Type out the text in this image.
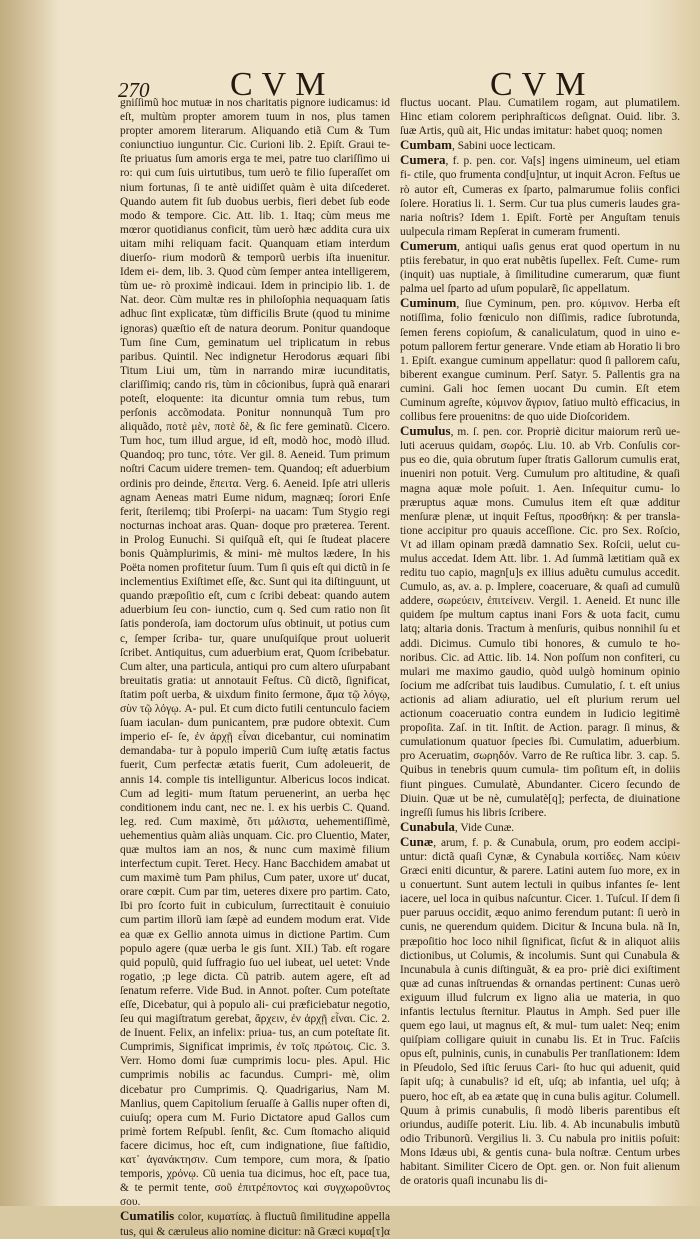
270 CVM	CVM

gniſſimũ hoc mutuæ in nos charitatis pignore iudicamus: id eſt, multùm propter amorem tuum in nos, plus tamen propter amorem literarum. Aliquando etiã Cum & Tum coniunctiuo iunguntur. Cic. Curioni lib. 2. Epiſt. Graui te- ſte priuatus ſum amoris erga te mei, patre tuo clariſſimo ui ro: qui cum ſuis uirtutibus, tum uerò te filio ſuperaſſet om nium fortunas, ſi te antè uidiſſet quàm è uita diſcederet. Quando autem fit ſub duobus uerbis, fieri debet ſub eode modo & tempore. Cic. Att. lib. 1. Itaq; cùm meus me mœror quotidianus conficit, tùm uerò hæc addita cura uix uitam mihi reliquam facit. Quanquam etiam interdum diuerſo- rium modorũ & temporũ uerbis iſta inuenitur. Idem ei- dem, lib. 3. Quod cùm ſemper antea intelligerem, tùm ue- rò proximè indicaui. Idem in principio lib. 1. de Nat. deor. Cùm multæ res in philoſophia nequaquam ſatis adhuc ſint explicatæ, tùm difficilis Brute (quod tu minime ignoras) quæſtio eſt de natura deorum. Ponitur quandoque Tum ſine Cum, geminatum uel triplicatum in rebus paribus. Quintil. Nec indignetur Herodorus æquari ſibi Titum Liui um, tùm in narrando miræ iucunditatis, clariſſimiq; cando ris, tùm in côcionibus, ſuprà quã enarari poteſt, eloquente: ita dicuntur omnia tum rebus, tum perſonis accõmodata. Ponitur nonnunquã Tum pro aliquãdo, ποτὲ μὲν, ποτὲ δὲ, & ſic fere geminatũ. Cicero. Tum hoc, tum illud argue, id eſt, modò hoc, modò illud. Quandoq; pro tunc, τότε. Ver gil. 8. Aeneid. Tum primum noſtri Cacum uidere tremen- tem. Quandoq; eſt aduerbium ordinis pro deinde, ἔπειτα. Verg. 6. Aeneid. Ipſe atri ulleris agnam Aeneas matri Eume nidum, magnæq; ſorori Enſe ferit, ſterilemq; tibi Proſerpi- na uacam: Tum Stygio regi nocturnas inchoat aras. Quan- doque pro præterea. Terent. in Prolog Eunuchi. Si quiſquã eſt, qui ſe ſtudeat placere bonis Quàmplurimis, & mini- mè multos lædere, In his Poëta nomen profitetur ſuum. Tum ſi quis eſt qui dictũ in ſe inclementius Exiſtimet eſſe, &c. Sunt qui ita diſtinguunt, ut quando præpoſitio eſt, cum c ſcribi debeat: quando autem aduerbium ſeu con- iunctio, cum q. Sed cum ratio non ſit ſatis ponderoſa, iam doctorum uſus obtinuit, ut potius cum c, ſemper ſcriba- tur, quare unuſquiſque prout uoluerit ſcribet. Antiquitus, cum aduerbium erat, Quom ſcribebatur. Cum alter, una particula, antiqui pro cum altero uſurpabant breuitatis gratia: ut annotauit Feſtus. Cũ dictõ, ſignificat, ſtatim poſt uerba, & uixdum finito ſermone, ἅμα τῷ λόγῳ, σὺν τῷ λόγῳ. A- pul. Et cum dicto futili centunculo faciem ſuam iaculan- dum punicantem, præ pudore obtexit. Cum imperio eſ- ſe, ἐν ἀρχῇ εἶναι dicebantur, cui nominatim demandaba- tur à populo imperiũ Cum iuſtę ætatis factus fuerit, Cum perfectæ ætatis fuerit, Cum adoleuerit, de annis 14. comple tis intelliguntur. Albericus locos indicat. Cum ad legiti- mum ſtatum peruenerint, an uerba hęc conditionem indu cant, nec ne. l. ex his uerbis C. Quand. leg. red. Cum maximè, ὅτι μάλιστα, uehementiſſimè, uehementius quàm aliàs unquam. Cic. pro Cluentio, Mater, quæ multos iam an nos, & nunc cum maximè filium interfectum cupit. Teret. Hecy. Hanc Bacchidem amabat ut cum maximè tum Pam philus, Cum pater, uxore ut' ducat, orare cœpit. Cum par tim, ueteres dixere pro partim. Cato, Ibi pro ſcorto fuit in cubiculum, ſurrectitauit è conuiuio cum partim illorũ iam ſæpè ad eundem modum erat. Vide ea quæ ex Gellio annota uimus in dictione Partim. Cum populo agere (quæ uerba le gis ſunt. XII.) Tab. eſt rogare quid populũ, quid ſuffragio ſuo uel iubeat, uel uetet: Vnde rogatio, ;p lege dicta. Cũ patrib. autem agere, eſt ad ſenatum referre. Vide Bud. in Annot. poſter. Cum poteſtate eſſe, Dicebatur, qui à populo ali- cui præficiebatur negotio, ſeu qui magiſtratum gerebat, ἄρχειν, ἐν ἀρχῇ εἶναι. Cic. 2. de Inuent. Felix, an infelix: priua- tus, an cum poteſtate ſit. Cumprimis, Significat imprimis, ἐν τοῖς πρώτοις. Cic. 3. Verr. Homo domi ſuæ cumprimis locu- ples. Apul. Hic cumprimis nobilis ac facundus. Cumpri- mè, olim dicebatur pro Cumprimis. Q. Quadrigarius, Nam M. Manlius, quem Capitolium ſeruaſſe à Gallis nuper often di, cuiuſq; opera cum M. Furio Dictatore apud Gallos cum primè fortem Reſpubl. ſenſit, &c. Cum ſtomacho aliquid facere dicimus, hoc eſt, cum indignatione, ſiue faſtidio, κατ᾽ ἀγανάκτησιν. Cum tempore, cum mora, & ſpatio temporis, χρόνῳ. Cũ uenia tua dicimus, hoc eſt, pace tua, & te permit tente, σοῦ ἐπιτρέποντος καὶ συγχωροῦντος σου.

Cumatilis color, κυματίας. à fluctuũ ſimilitudine appella tus, qui & cæruleus alio nomine dicitur: nã Græci κυμα[τ]α

fluctus uocant. Plau. Cumatilem rogam, aut plumatilem. Hinc etiam colorem periphraſticωs deſignat. Ouid. libr. 3. ſuæ Artis, quũ ait, Hic undas imitatur: habet quoq; nomen

Cumbam, Sabini uoce lecticam.

Cumera, f. p. pen. cor. Va[s] ingens uimineum, uel etiam fi- ctile, quo frumenta cond[u]ntur, ut inquit Acron. Feſtus ue rò autor eſt, Cumeras ex ſparto, palmarumue foliis confici ſolere. Horatius li. 1. Serm. Cur tua plus cumeris laudes gra- naria noſtris? Idem 1. Epiſt. Fortè per Anguſtam tenuis uulpecula rimam Repſerat in cumeram frumenti.

Cumerum, antiqui uaſis genus erat quod opertum in nu ptiis ferebatur, in quo erat nubẽtis ſupellex. Feſt. Cume- rum (inquit) uas nuptiale, à ſimilitudine cumerarum, quæ fiunt palma uel ſparto ad uſum popularẽ, ſic appellatum.

Cuminum, ſiue Cyminum, pen. pro. κύμινον. Herba eſt notiſſima, folio fœniculo non diſſimis, radice ſubrotunda, ſemen ferens copioſum, & canaliculatum, quod in uino e- potum pallorem fertur generare. Vnde etiam ab Horatio li bro 1. Epiſt. exangue cuminum appellatur: quod ſi pallorem caſu, biberent exangue cuminum. Perſ. Satyr. 5. Pallentis gra na cumini. Gali hoc ſemen uocant Du cumin. Eſt etem Cuminum agreſte, κύμινον ἄγριον, ſatiuo multò efficacius, in collibus fere prouenitns: de quo uide Dioſcoridem.

Cumulus, m. ſ. pen. cor. Propriè dicitur maiorum rerũ ue- luti aceruus quidam, σωρός. Liu. 10. ab Vrb. Conſulis cor- pus eo die, quia obrutum ſuper ſtratis Gallorum cumulis erat, inueniri non potuit. Verg. Cumulum pro altitudine, & quaſi magna aquæ mole poſuit. 1. Aen. Inſequitur cumu- lo præruptus aquæ mons. Cumulus item eſt quæ additur menſuræ plenæ, ut inquit Feſtus, προσθήκη: & per transla- tione accipitur pro quauis acceſſione. Cic. pro Sex. Roſcio, Vt ad illam opinam prædã damnatio Sex. Roſcii, uelut cu- mulus accedat. Idem Att. libr. 1. Ad ſummã lætitiam quã ex reditu tuo capio, magn[u]s ex illius aduẽtu cumulus accedit. Cumulo, as, av. a. p. Implere, coaceruare, & quaſi ad cumulũ addere, σωρεύειν, ἐπιτείνειν. Vergil. 1. Aeneid. Et nunc ille quidem ſpe multum captus inani Fors & uota facit, cumu latq; altaria donis. Tractum à menſuris, quibus nonnihil ſu et addi. Dicimus. Cumulo tibi honores, & cumulo te ho- noribus. Cic. ad Attic. lib. 14. Non poſſum non confiteri, cu mulari me maximo gaudio, quòd uulgò hominum opinio ſocium me adſcribat tuis laudibus. Cumulatio, ſ. t. eſt unius actionis ad aliam adiuratio, uel eſt plurium rerum uel actionum coaceruatio contra eundem in Iudicio legitimè propoſita. Zaſ. in tit. Inſtit. de Action. paragr. ſi minus, & cumulationum quatuor ſpecies ſbi. Cumulatim, aduerbium. pro Aceruatim, σωρηδόν. Varro de Re ruſtica libr. 3. cap. 5. Quibus in tenebris quum cumula- tim poſitum eſt, in doliis fiunt pingues. Cumulatè, Abundanter. Cicero ſecundo de Diuin. Quæ ut be nè, cumulatè[q]; perfecta, de diuinatione ingreſſi ſumus his libris ſcribere.

Cunabula, Vide Cunæ.

Cunæ, arum, f. p. & Cunabula, orum, pro eodem accipi- untur: dictã quaſi Cynæ, & Cynabula κοιτίδες. Nam κύειν Græci eniti dicuntur, & parere. Latini autem ſuo more, ex in u conuertunt. Sunt autem lectuli in quibus infantes ſe- lent iacere, uel loca in quibus naſcuntur. Cicer. 1. Tuſcul. Iſ dem ſi puer paruus occidit, æquo animo ferendum putant: ſi uerò in cunis, ne querendum quidem. Dicitur & Incuna bula. nã In, præpoſitio hoc loco nihil ſignificat, ſicſut & in aliquot aliis dictionibus, ut Columis, & incolumis. Sunt qui Cunabula & Incunabula à cunis diſtinguãt, & ea pro- priè dici exiſtiment quæ ad cunas inſtruendas & ornandas pertinent: Cunas uerò exiguum illud fulcrum ex ligno alia ue materia, in quo infantis lectulus ſternitur. Plautus in Amph. Sed puer ille quem ego laui, ut magnus eſt, & mul- tum ualet: Neq; enim quiſpiam colligare quiuit in cunabu lis. Et in Truc. Faſciis opus eſt, pulninis, cunis, in cunabulis Per tranſlationem: Idem in Pſeudolo, Sed iſtic ſeruus Cari- ſto huc qui aduenit, quid ſapit uſq; à cunabulis? id eſt, uſq; ab infantia, uel uſq; à puero, hoc eſt, ab ea ætate quę in cuna bulis agitur. Columell. Quum à primis cunabulis, ſi modò liberis parentibus eſt oriundus, audiſſe poterit. Liu. lib. 4. Ab incunabulis imbutũ odio Tribunorũ. Vergilius li. 3. Cu nabula pro initiis poſuit: Mons Idæus ubi, & gentis cuna- bula noſtræ. Centum urbes habitant. Similiter Cicero de Opt. gen. or. Non fuit alienum de oratoris quaſi incunabu lis di-
